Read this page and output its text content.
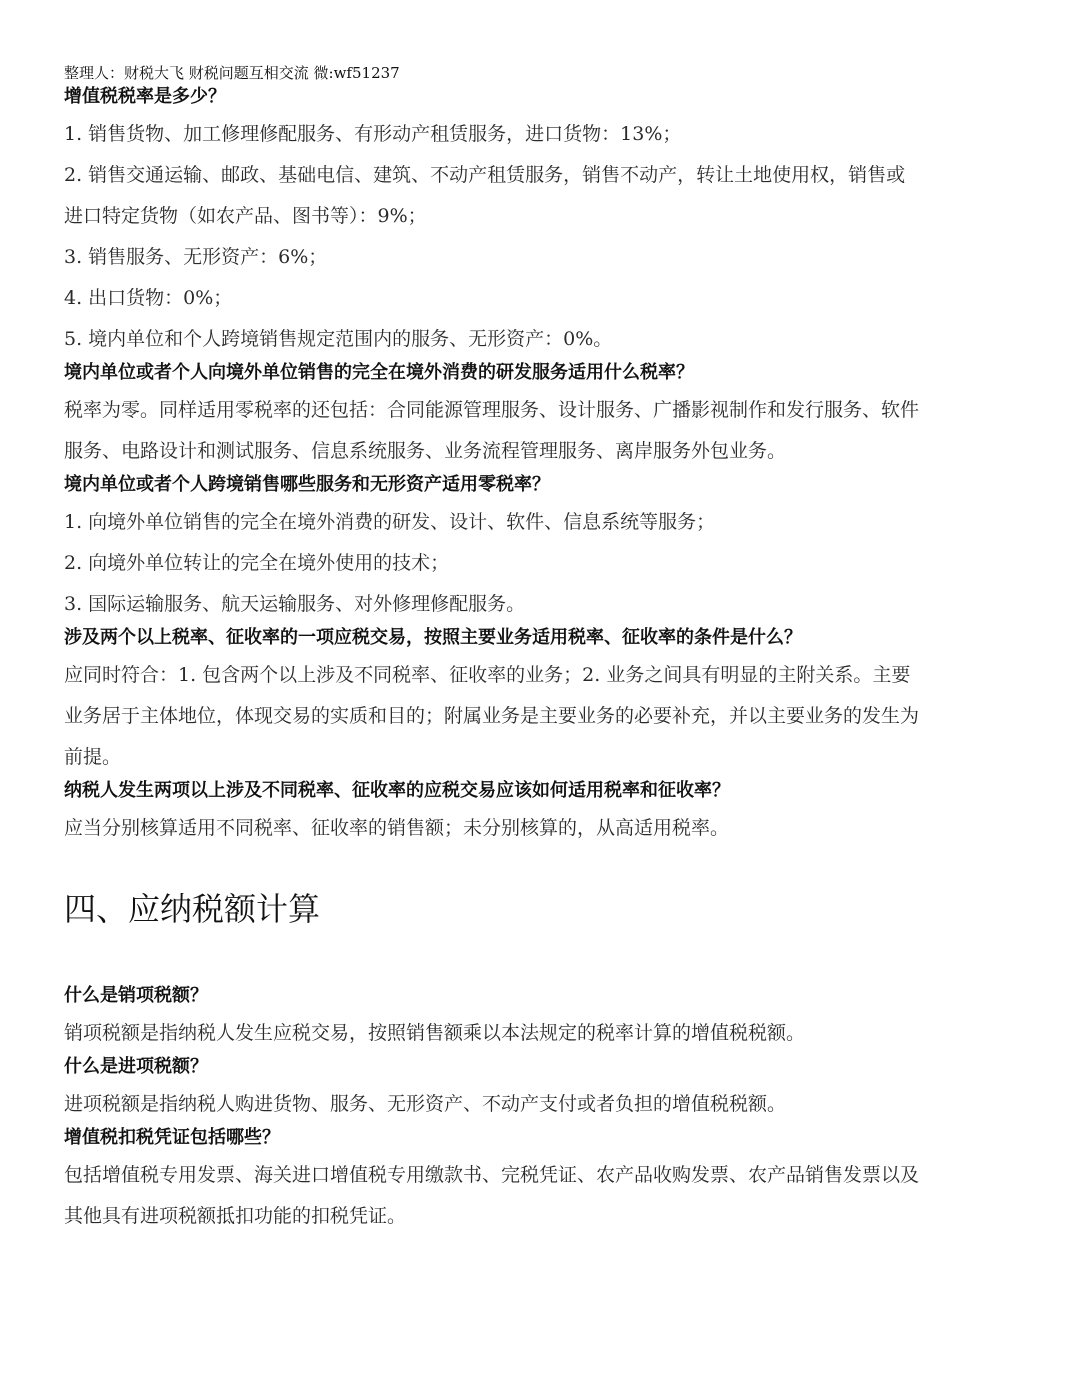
整理人：财税大飞 财税问题互相交流 微:wf51237
增值税税率是多少？
1. 销售货物、加工修理修配服务、有形动产租赁服务，进口货物：13%；
2. 销售交通运输、邮政、基础电信、建筑、不动产租赁服务，销售不动产，转让土地使用权，销售或
进口特定货物（如农产品、图书等）：9%；
3. 销售服务、无形资产：6%；
4. 出口货物：0%；
5. 境内单位和个人跨境销售规定范围内的服务、无形资产：0%。
境内单位或者个人向境外单位销售的完全在境外消费的研发服务适用什么税率？
税率为零。同样适用零税率的还包括：合同能源管理服务、设计服务、广播影视制作和发行服务、软件
服务、电路设计和测试服务、信息系统服务、业务流程管理服务、离岸服务外包业务。
境内单位或者个人跨境销售哪些服务和无形资产适用零税率？
1. 向境外单位销售的完全在境外消费的研发、设计、软件、信息系统等服务；
2. 向境外单位转让的完全在境外使用的技术；
3. 国际运输服务、航天运输服务、对外修理修配服务。
涉及两个以上税率、征收率的一项应税交易，按照主要业务适用税率、征收率的条件是什么？
应同时符合：1. 包含两个以上涉及不同税率、征收率的业务；2. 业务之间具有明显的主附关系。主要
业务居于主体地位，体现交易的实质和目的；附属业务是主要业务的必要补充，并以主要业务的发生为
前提。
纳税人发生两项以上涉及不同税率、征收率的应税交易应该如何适用税率和征收率？
应当分别核算适用不同税率、征收率的销售额；未分别核算的，从高适用税率。
四、应纳税额计算
什么是销项税额？
销项税额是指纳税人发生应税交易，按照销售额乘以本法规定的税率计算的增值税税额。
什么是进项税额？
进项税额是指纳税人购进货物、服务、无形资产、不动产支付或者负担的增值税税额。
增值税扣税凭证包括哪些？
包括增值税专用发票、海关进口增值税专用缴款书、完税凭证、农产品收购发票、农产品销售发票以及
其他具有进项税额抵扣功能的扣税凭证。
